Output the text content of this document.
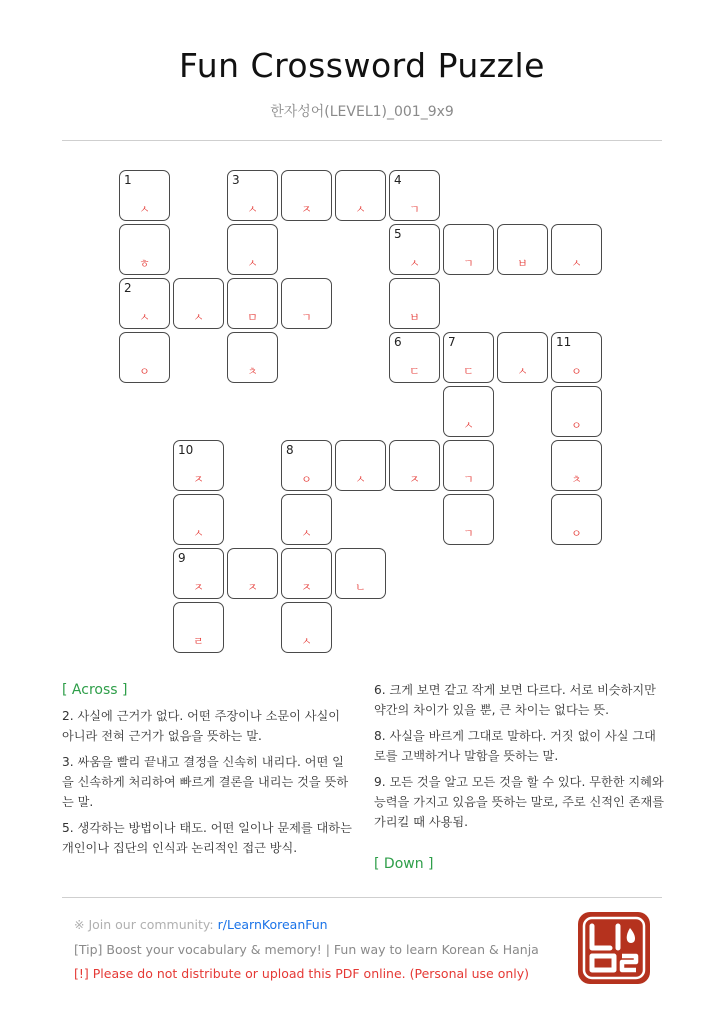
Fun Crossword Puzzle
한자성어(LEVEL1)_001_9x9
1
ㅅ
3
ㅅ	ㅈ	ㅅ
4
ㄱ
ㅎ	ㅅ
5
ㅅ	ㄱ	ㅂ	ㅅ
2
ㅅ	ㅅ	ㅁ	ㄱ	ㅂ
ㅇ	ㅊ
6
ㄷ
7
ㄷ	ㅅ
11
ㅇ
ㅅ	ㅇ
10
ㅈ
8
ㅇ	ㅅ	ㅈ	ㄱ	ㅊ
ㅅ	ㅅ	ㄱ	ㅇ
9
ㅈ	ㅈ	ㅈ	ㄴ
ㄹ	ㅅ
[ Across ]
2. 사실에 근거가 없다. 어떤 주장이나 소문이 사실이 아니라 전혀 근거가 없음을 뜻하는 말.
3. 싸움을 빨리 끝내고 결정을 신속히 내리다. 어떤 일을 신속하게 처리하여 빠르게 결론을 내리는 것을 뜻하는 말.
5. 생각하는 방법이나 태도. 어떤 일이나 문제를 대하는 개인이나 집단의 인식과 논리적인 접근 방식.
6. 크게 보면 같고 작게 보면 다르다. 서로 비슷하지만 약간의 차이가 있을 뿐, 큰 차이는 없다는 뜻.
8. 사실을 바르게 그대로 말하다. 거짓 없이 사실 그대로를 고백하거나 말함을 뜻하는 말.
9. 모든 것을 알고 모든 것을 할 수 있다. 무한한 지혜와 능력을 가지고 있음을 뜻하는 말로, 주로 신적인 존재를 가리킬 때 사용됨.
[ Down ]
※ Join our community: r/LearnKoreanFun
[Tip] Boost your vocabulary & memory! | Fun way to learn Korean & Hanja
[!] Please do not distribute or upload this PDF online. (Personal use only)
